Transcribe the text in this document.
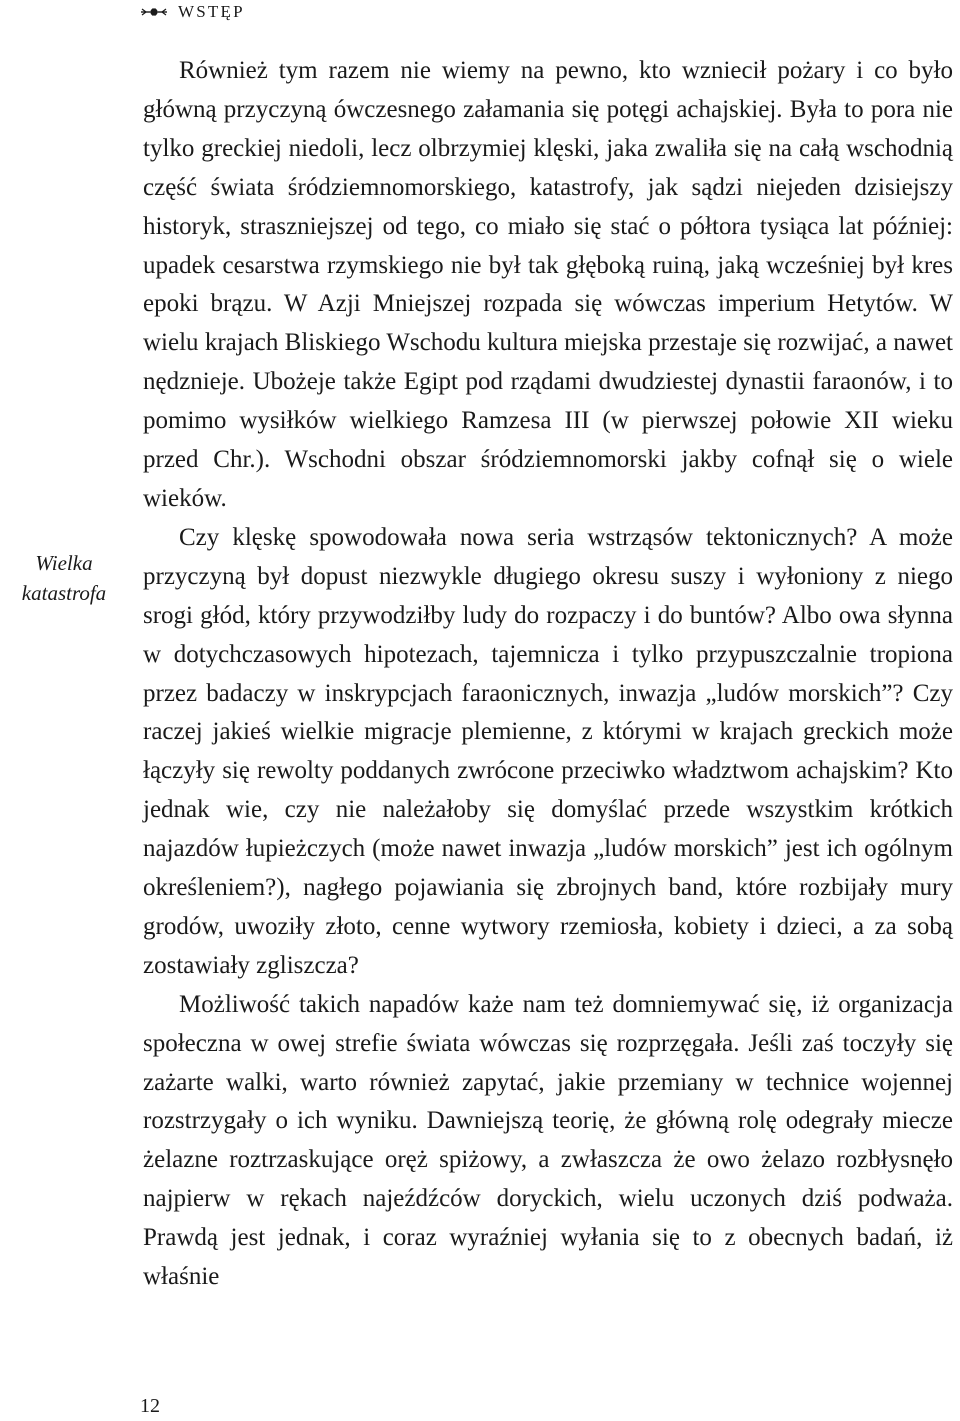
WSTĘP
Wielka
katastrofa

Również tym razem nie wiemy na pewno, kto wzniecił pożary i co było główną przyczyną ówczesnego załamania się potęgi achajskiej. Była to pora nie tylko greckiej niedoli, lecz olbrzymiej klęski, jaka zwaliła się na całą wschodnią część świata śródziemnomorskiego, katastrofy, jak sądzi niejeden dzisiejszy historyk, straszniejszej od tego, co miało się stać o półtora tysiąca lat później: upadek cesarstwa rzymskiego nie był tak głęboką ruiną, jaką wcześniej był kres epoki brązu. W Azji Mniejszej rozpada się wówczas imperium Hetytów. W wielu krajach Bliskiego Wschodu kultura miejska przestaje się rozwijać, a nawet nędznieje. Ubożeje także Egipt pod rządami dwudziestej dynastii faraonów, i to pomimo wysiłków wielkiego Ramzesa III (w pierwszej połowie XII wieku przed Chr.). Wschodni obszar śródziemnomorski jakby cofnął się o wiele wieków.

Czy klęskę spowodowała nowa seria wstrząsów tektonicznych? A może przyczyną był dopust niezwykle długiego okresu suszy i wyłoniony z niego srogi głód, który przywodziłby ludy do rozpaczy i do buntów? Albo owa słynna w dotychczasowych hipotezach, tajemnicza i tylko przypuszczalnie tropiona przez badaczy w inskrypcjach faraonicznych, inwazja „ludów morskich”? Czy raczej jakieś wielkie migracje plemienne, z którymi w krajach greckich może łączyły się rewolty poddanych zwrócone przeciwko władztwom achajskim? Kto jednak wie, czy nie należałoby się domyślać przede wszystkim krótkich najazdów łupieżczych (może nawet inwazja „ludów morskich” jest ich ogólnym określeniem?), nagłego pojawiania się zbrojnych band, które rozbijały mury grodów, uwoziły złoto, cenne wytwory rzemiosła, kobiety i dzieci, a za sobą zostawiały zgliszcza?

Możliwość takich napadów każe nam też domniemywać się, iż organizacja społeczna w owej strefie świata wówczas się rozprzęgała. Jeśli zaś toczyły się zażarte walki, warto również zapytać, jakie przemiany w technice wojennej rozstrzygały o ich wyniku. Dawniejszą teorię, że główną rolę odegrały miecze żelazne roztrzaskujące oręż spiżowy, a zwłaszcza że owo żelazo rozbłysnęło najpierw w rękach najeźdźców doryckich, wielu uczonych dziś podważa. Prawdą jest jednak, i coraz wyraźniej wyłania się to z obecnych badań, iż właśnie

12
